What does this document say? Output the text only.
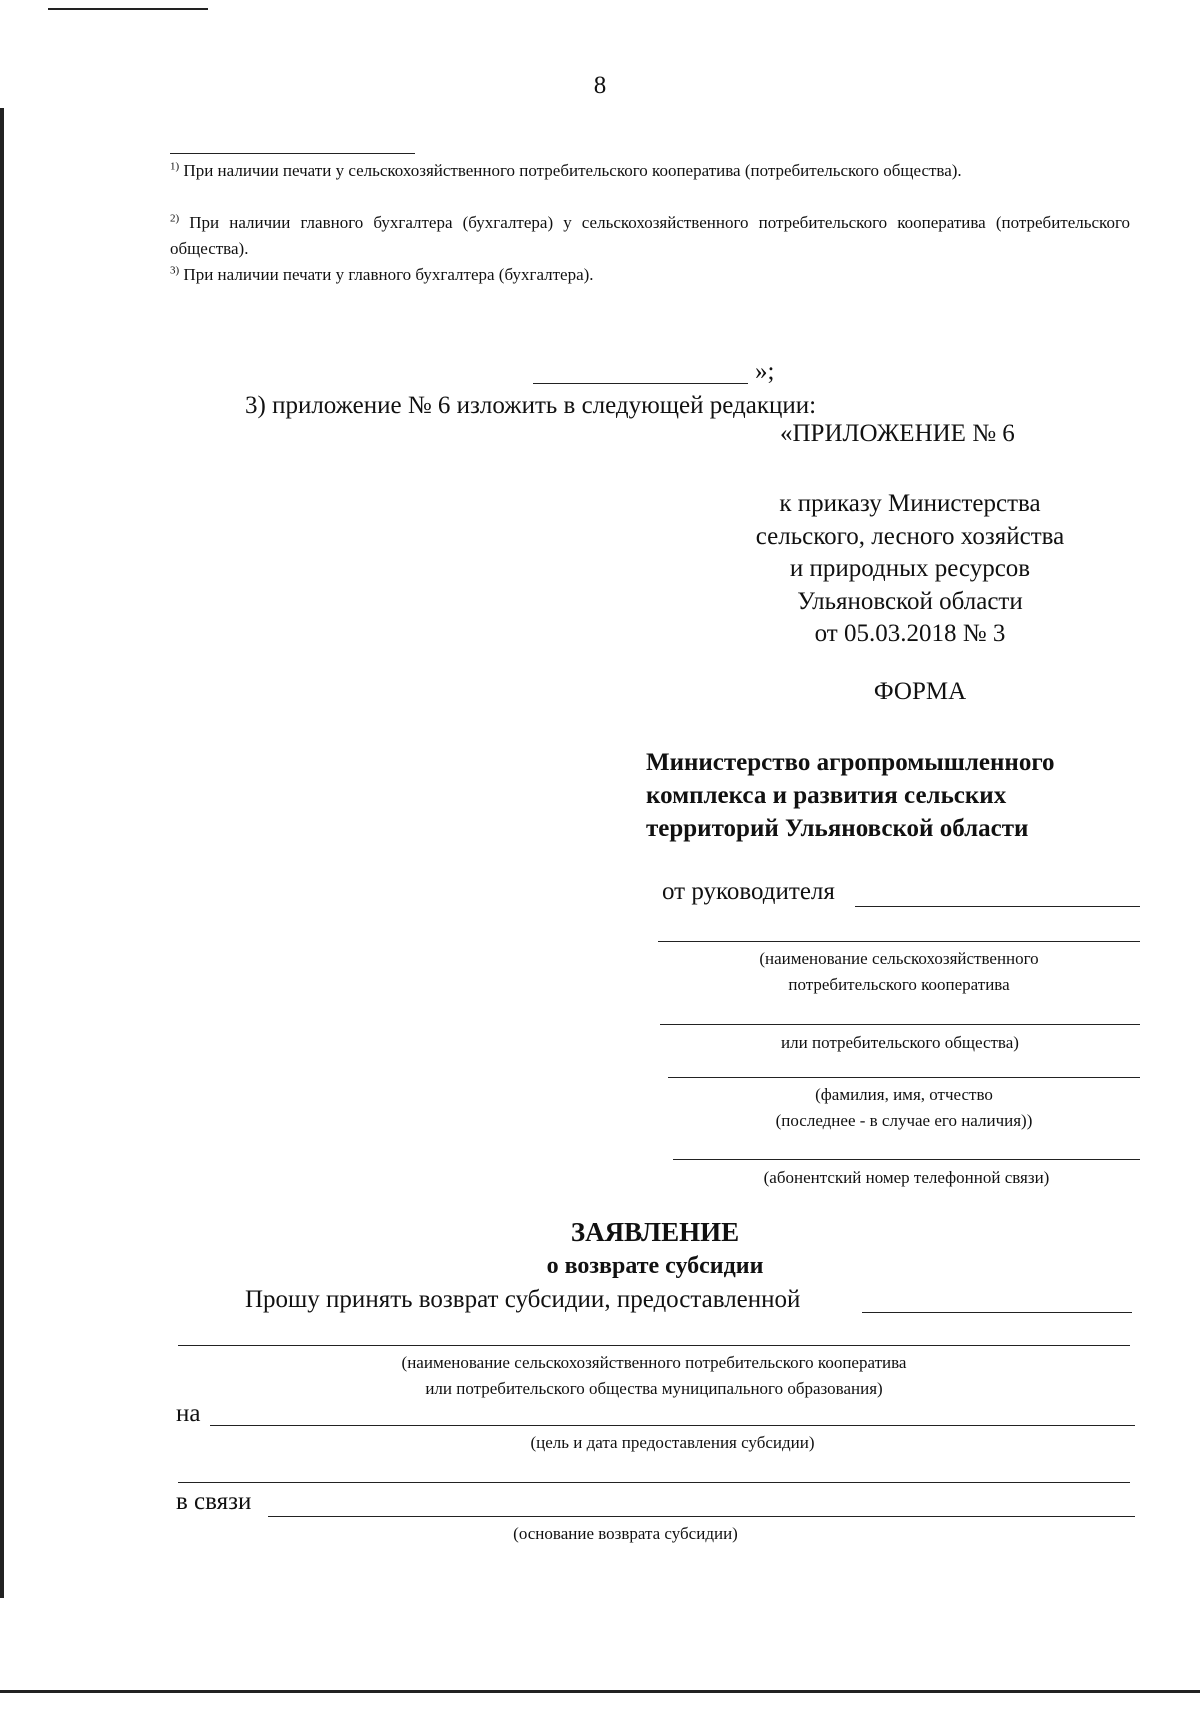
8
$^{1)}$ При наличии печати у сельскохозяйственного потребительского кооператива (потребительского общества).
$^{2)}$ При наличии главного бухгалтера (бухгалтера) у сельскохозяйственного потребительского кооператива (потребительского общества).
$^{3)}$ При наличии печати у главного бухгалтера (бухгалтера).
»;
3) приложение № 6 изложить в следующей редакции:
«ПРИЛОЖЕНИЕ № 6
к приказу Министерства
сельского, лесного хозяйства
и природных ресурсов
Ульяновской области
от 05.03.2018 № 3
ФОРМА
Министерство агропромышленного
комплекса и развития сельских
территорий Ульяновской области
от руководителя
(наименование сельскохозяйственного
потребительского кооператива
или потребительского общества)
(фамилия, имя, отчество
(последнее - в случае его наличия))
(абонентский номер телефонной связи)
ЗАЯВЛЕНИЕ
о возврате субсидии
Прошу принять возврат субсидии, предоставленной
(наименование сельскохозяйственного потребительского кооператива
или потребительского общества муниципального образования)
на
(цель и дата предоставления субсидии)
в связи
(основание возврата субсидии)
